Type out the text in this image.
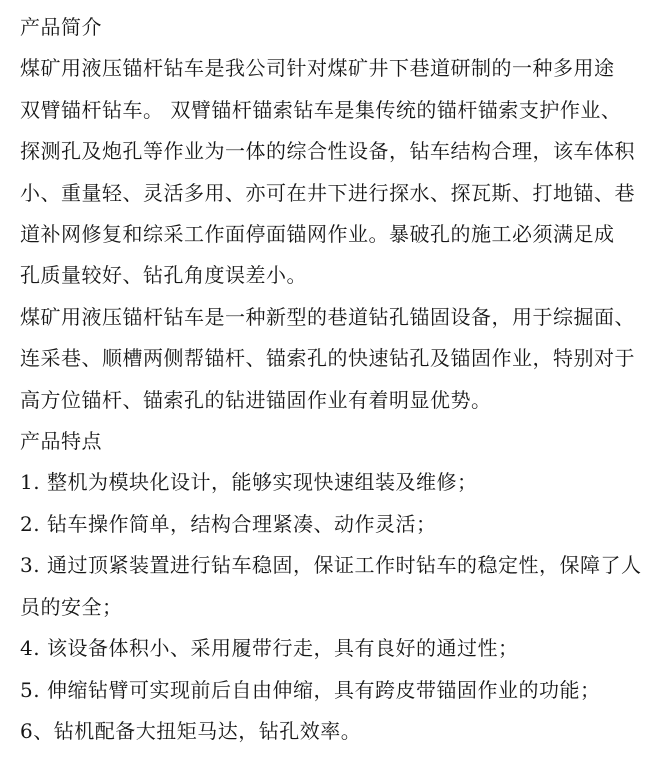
产品简介
煤矿用液压锚杆钻车是我公司针对煤矿井下巷道研制的一种多用途
双臂锚杆钻车。 双臂锚杆锚索钻车是集传统的锚杆锚索支护作业、
探测孔及炮孔等作业为一体的综合性设备，钻车结构合理，该车体积
小、重量轻、灵活多用、亦可在井下进行探水、探瓦斯、打地锚、巷
道补网修复和综采工作面停面锚网作业。暴破孔的施工必须满足成
孔质量较好、钻孔角度误差小。
煤矿用液压锚杆钻车是一种新型的巷道钻孔锚固设备，用于综掘面、
连采巷、顺槽两侧帮锚杆、锚索孔的快速钻孔及锚固作业，特别对于
高方位锚杆、锚索孔的钻进锚固作业有着明显优势。
产品特点
1. 整机为模块化设计，能够实现快速组装及维修；
2. 钻车操作简单，结构合理紧凑、动作灵活；
3. 通过顶紧装置进行钻车稳固，保证工作时钻车的稳定性，保障了人
员的安全；
4. 该设备体积小、采用履带行走，具有良好的通过性；
5. 伸缩钻臂可实现前后自由伸缩，具有跨皮带锚固作业的功能；
6、钻机配备大扭矩马达，钻孔效率。
